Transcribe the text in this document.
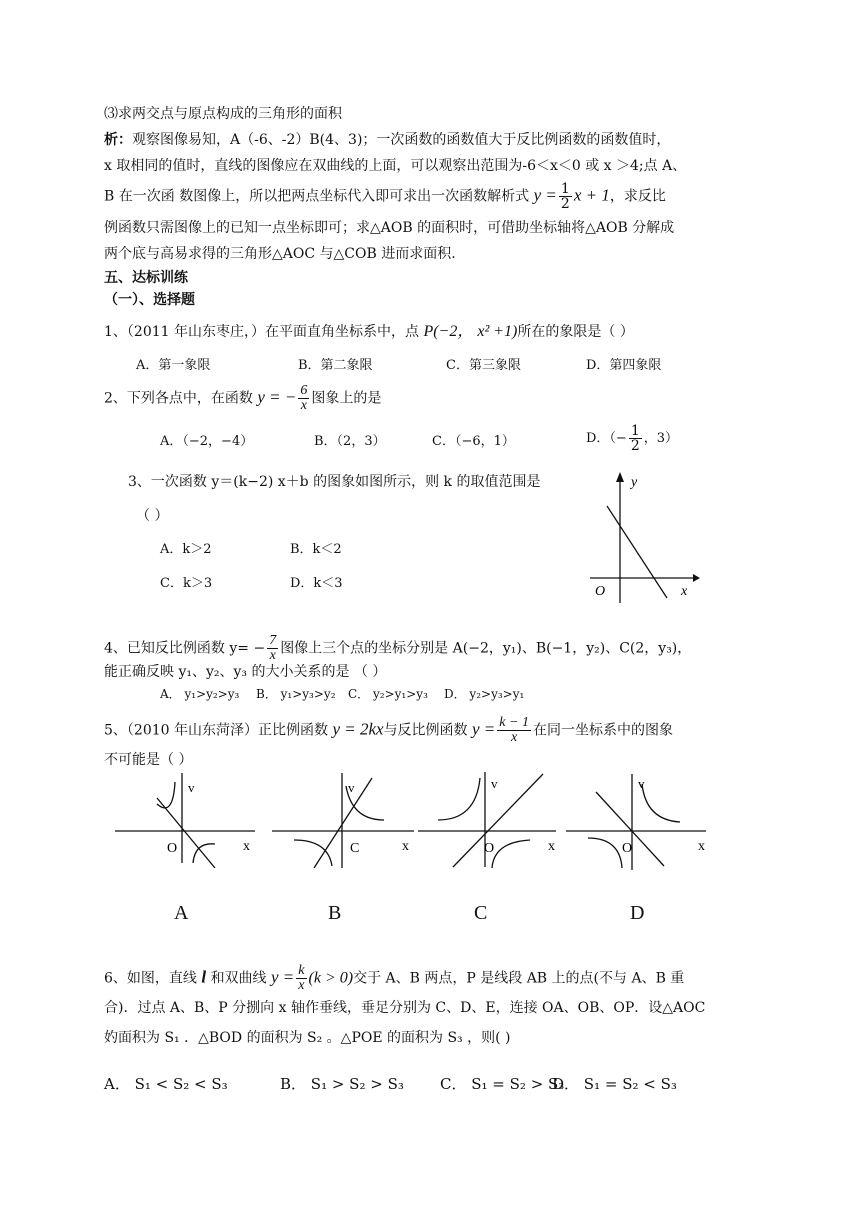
⑶求两交点与原点构成的三角形的面积
析：观察图像易知，A（-6、-2）B(4、3)；一次函数的函数值大于反比例函数的函数值时，
x 取相同的值时，直线的图像应在双曲线的上面，可以观察出范围为-6＜x＜0 或 x ＞4;点 A、
B 在一次函 数图像上，所以把两点坐标代入即可求出一次函数解析式 $y = \frac{1}{2}$ x + 1，求反比
例函数只需图像上的已知一点坐标即可；求△AOB 的面积时，可借助坐标轴将△AOB 分解成
两个底与高易求得的三角形△AOC 与△COB 进而求面积.
五、达标训练
（一）、选择题
1、（2011 年山东枣庄，）在平面直角坐标系中，点 P(−2， x² +1)所在的象限是（ ）
A．第一象限	B．第二象限	C．第三象限	D．第四象限
2、下列各点中，在函数 y = − $\frac{6}{x}$ 图象上的是
A．（−2，−4）	B．（2，3）	C．（−6，1）	D．（− $\frac{1}{2}$ ，3）
3、一次函数 y＝(k−2) x＋b 的图象如图所示，则 k 的取值范围是
（ ）
A．k＞2	B．k＜2
C．k＞3	D．k＜3
y
x
O
4、已知反比例函数 $y= - \frac{7}{x}$ 图像上三个点的坐标分别是 A(−2，y₁)、B(−1，y₂)、C(2，y₃)，
能正确反映 y₁、y₂、y₃ 的大小关系的是 （ ）
A． y₁>y₂>y₃ B． y₁>y₃>y₂ C． y₂>y₁>y₃ D． y₂>y₃>y₁
5、（2010 年山东菏泽）正比例函数 y = 2kx与反比例函数 $y = \frac{k - 1}{x}$ 在同一坐标系中的图象
不可能是（ ）
v
O	x
A
v
C	x
B
v
O	x
C
v
O	x
D
6、如图，直线 l 和双曲线 $y = \frac{k}{x} (k > 0)$交于 A、B 两点，P 是线段 AB 上的点(不与 A、B 重
合)．过点 A、B、P 分捌向 x 轴作垂线，垂足分别为 C、D、E，连接 OA、OB、OP．设△AOC
妁面积为 S₁ ．△BOD 的面积为 S₂ 。△POE 的面积为 S₃ ，则( )
A． S₁ < S₂ < S₃	B． S₁ > S₂ > S₃ C． S₁ = S₂ > S₃
D． S₁ = S₂ < S₃
